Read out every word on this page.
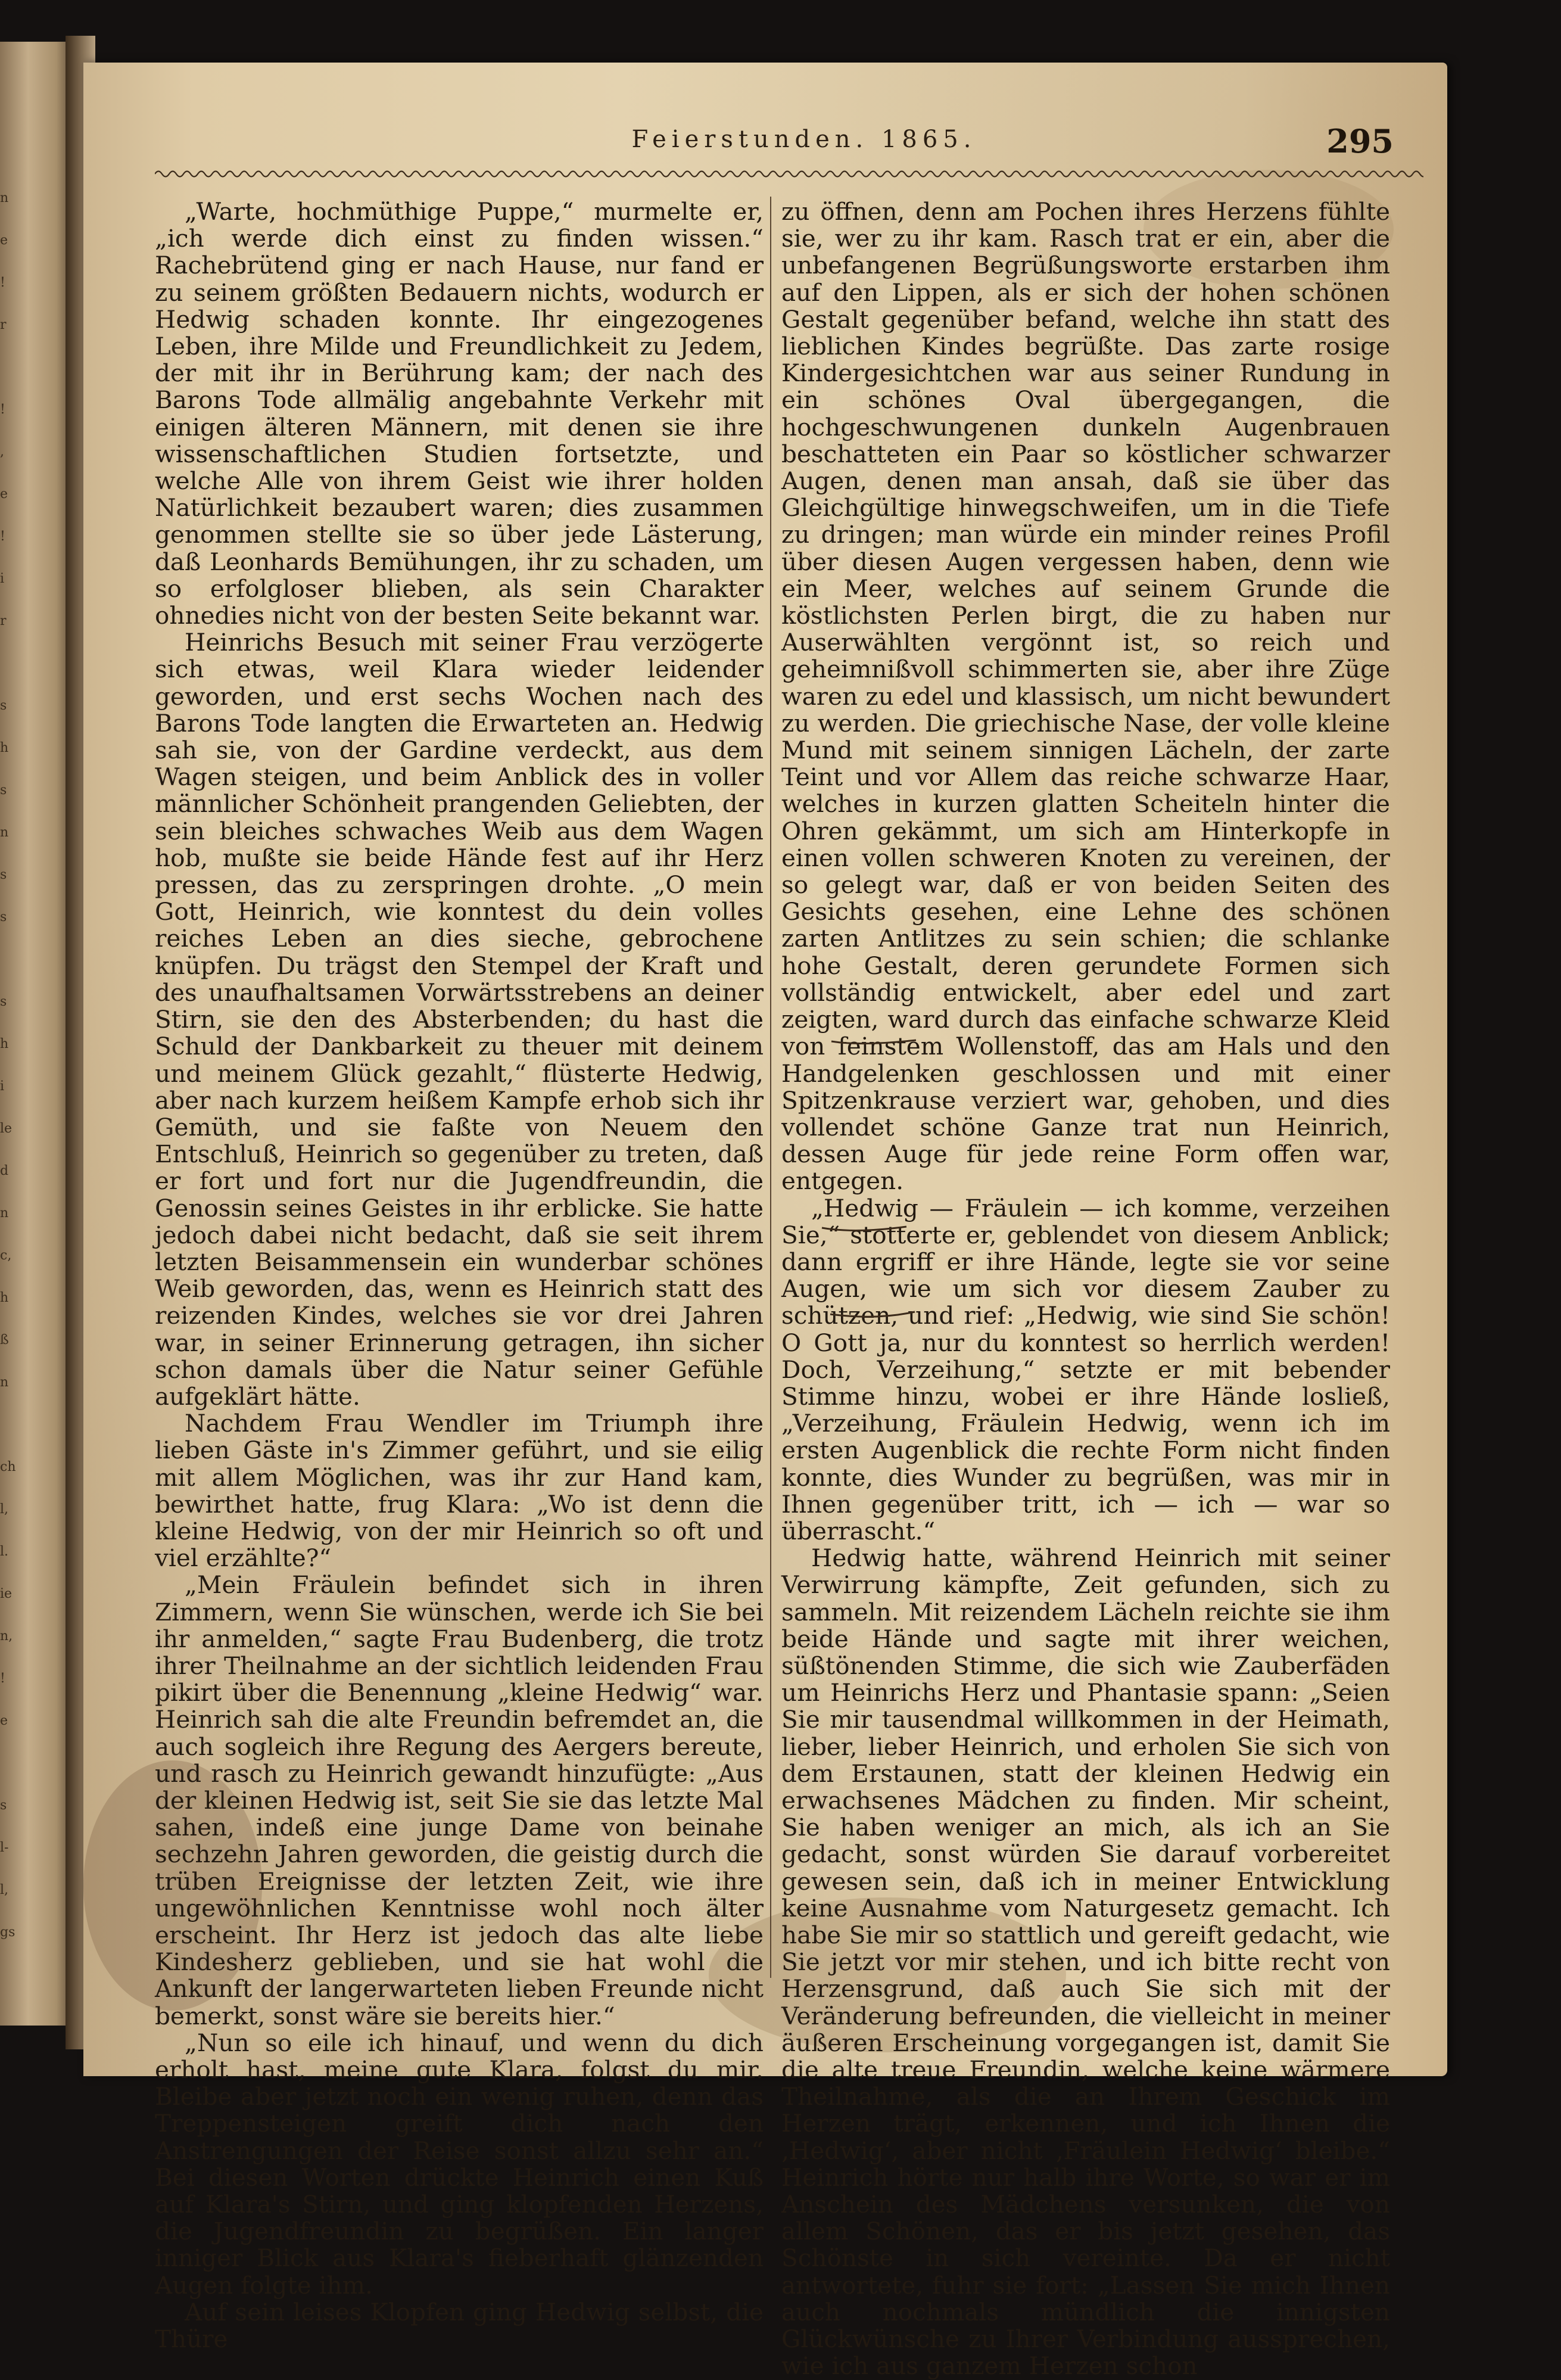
n
e
!
r
!
,
e
!
i
r
s
h
s
n
s
s
s
h
i
le
d
n
c,
h
ß
n
ch
l,
l.
ie
n,
!
e
s
l-
l,
gs
Feierstunden. 1865.	295

„Warte, hochmüthige Puppe,“ murmelte er, „ich werde dich einst zu finden wissen.“ Rachebrütend ging er nach Hause, nur fand er zu seinem größten Bedauern nichts, wodurch er Hedwig schaden konnte. Ihr eingezogenes Leben, ihre Milde und Freundlichkeit zu Jedem, der mit ihr in Berührung kam; der nach des Barons Tode allmälig angebahnte Verkehr mit einigen älteren Männern, mit denen sie ihre wissenschaftlichen Studien fortsetzte, und welche Alle von ihrem Geist wie ihrer holden Natürlichkeit bezaubert waren; dies zusammen genommen stellte sie so über jede Lästerung, daß Leonhards Bemühungen, ihr zu schaden, um so erfolgloser blieben, als sein Charakter ohnedies nicht von der besten Seite bekannt war.

Heinrichs Besuch mit seiner Frau verzögerte sich etwas, weil Klara wieder leidender geworden, und erst sechs Wochen nach des Barons Tode langten die Erwarteten an. Hedwig sah sie, von der Gardine verdeckt, aus dem Wagen steigen, und beim Anblick des in voller männlicher Schönheit prangenden Geliebten, der sein bleiches schwaches Weib aus dem Wagen hob, mußte sie beide Hände fest auf ihr Herz pressen, das zu zerspringen drohte. „O mein Gott, Heinrich, wie konntest du dein volles reiches Leben an dies sieche, gebrochene knüpfen. Du trägst den Stempel der Kraft und des unaufhaltsamen Vorwärtsstrebens an deiner Stirn, sie den des Absterbenden; du hast die Schuld der Dankbarkeit zu theuer mit deinem und meinem Glück gezahlt,“ flüsterte Hedwig, aber nach kurzem heißem Kampfe erhob sich ihr Gemüth, und sie faßte von Neuem den Entschluß, Heinrich so gegenüber zu treten, daß er fort und fort nur die Jugendfreundin, die Genossin seines Geistes in ihr erblicke. Sie hatte jedoch dabei nicht bedacht, daß sie seit ihrem letzten Beisammensein ein wunderbar schönes Weib geworden, das, wenn es Heinrich statt des reizenden Kindes, welches sie vor drei Jahren war, in seiner Erinnerung getragen, ihn sicher schon damals über die Natur seiner Gefühle aufgeklärt hätte.

Nachdem Frau Wendler im Triumph ihre lieben Gäste in's Zimmer geführt, und sie eilig mit allem Möglichen, was ihr zur Hand kam, bewirthet hatte, frug Klara: „Wo ist denn die kleine Hedwig, von der mir Heinrich so oft und viel erzählte?“

„Mein Fräulein befindet sich in ihren Zimmern, wenn Sie wünschen, werde ich Sie bei ihr anmelden,“ sagte Frau Budenberg, die trotz ihrer Theilnahme an der sichtlich leidenden Frau pikirt über die Benennung „kleine Hedwig“ war. Heinrich sah die alte Freundin befremdet an, die auch sogleich ihre Regung des Aergers bereute, und rasch zu Heinrich gewandt hinzufügte: „Aus der kleinen Hedwig ist, seit Sie sie das letzte Mal sahen, indeß eine junge Dame von beinahe sechzehn Jahren geworden, die geistig durch die trüben Ereignisse der letzten Zeit, wie ihre ungewöhnlichen Kenntnisse wohl noch älter erscheint. Ihr Herz ist jedoch das alte liebe Kindesherz geblieben, und sie hat wohl die Ankunft der langerwarteten lieben Freunde nicht bemerkt, sonst wäre sie bereits hier.“

„Nun so eile ich hinauf, und wenn du dich erholt hast, meine gute Klara, folgst du mir. Bleibe aber jetzt noch ein wenig ruhen, denn das Treppensteigen greift dich nach den Anstrengungen der Reise sonst allzu sehr an.“ Bei diesen Worten drückte Heinrich einen Kuß auf Klara's Stirn, und ging klopfenden Herzens, die Jugendfreundin zu begrüßen. Ein langer inniger Blick aus Klara's fieberhaft glänzenden Augen folgte ihm.

Auf sein leises Klopfen ging Hedwig selbst, die Thüre

zu öffnen, denn am Pochen ihres Herzens fühlte sie, wer zu ihr kam. Rasch trat er ein, aber die unbefangenen Begrüßungsworte erstarben ihm auf den Lippen, als er sich der hohen schönen Gestalt gegenüber befand, welche ihn statt des lieblichen Kindes begrüßte. Das zarte rosige Kindergesichtchen war aus seiner Rundung in ein schönes Oval übergegangen, die hochgeschwungenen dunkeln Augenbrauen beschatteten ein Paar so köstlicher schwarzer Augen, denen man ansah, daß sie über das Gleichgültige hinwegschweifen, um in die Tiefe zu dringen; man würde ein minder reines Profil über diesen Augen vergessen haben, denn wie ein Meer, welches auf seinem Grunde die köstlichsten Perlen birgt, die zu haben nur Auserwählten vergönnt ist, so reich und geheimnißvoll schimmerten sie, aber ihre Züge waren zu edel und klassisch, um nicht bewundert zu werden. Die griechische Nase, der volle kleine Mund mit seinem sinnigen Lächeln, der zarte Teint und vor Allem das reiche schwarze Haar, welches in kurzen glatten Scheiteln hinter die Ohren gekämmt, um sich am Hinterkopfe in einen vollen schweren Knoten zu vereinen, der so gelegt war, daß er von beiden Seiten des Gesichts gesehen, eine Lehne des schönen zarten Antlitzes zu sein schien; die schlanke hohe Gestalt, deren gerundete Formen sich vollständig entwickelt, aber edel und zart zeigten, ward durch das einfache schwarze Kleid von feinstem Wollenstoff, das am Hals und den Handgelenken geschlossen und mit einer Spitzenkrause verziert war, gehoben, und dies vollendet schöne Ganze trat nun Heinrich, dessen Auge für jede reine Form offen war, entgegen.

„Hedwig — Fräulein — ich komme, verzeihen Sie,“ stotterte er, geblendet von diesem Anblick; dann ergriff er ihre Hände, legte sie vor seine Augen, wie um sich vor diesem Zauber zu schützen, und rief: „Hedwig, wie sind Sie schön! O Gott ja, nur du konntest so herrlich werden! Doch, Verzeihung,“ setzte er mit bebender Stimme hinzu, wobei er ihre Hände losließ, „Verzeihung, Fräulein Hedwig, wenn ich im ersten Augenblick die rechte Form nicht finden konnte, dies Wunder zu begrüßen, was mir in Ihnen gegenüber tritt, ich — ich — war so überrascht.“

Hedwig hatte, während Heinrich mit seiner Verwirrung kämpfte, Zeit gefunden, sich zu sammeln. Mit reizendem Lächeln reichte sie ihm beide Hände und sagte mit ihrer weichen, süßtönenden Stimme, die sich wie Zauberfäden um Heinrichs Herz und Phantasie spann: „Seien Sie mir tausendmal willkommen in der Heimath, lieber, lieber Heinrich, und erholen Sie sich von dem Erstaunen, statt der kleinen Hedwig ein erwachsenes Mädchen zu finden. Mir scheint, Sie haben weniger an mich, als ich an Sie gedacht, sonst würden Sie darauf vorbereitet gewesen sein, daß ich in meiner Entwicklung keine Ausnahme vom Naturgesetz gemacht. Ich habe Sie mir so stattlich und gereift gedacht, wie Sie jetzt vor mir stehen, und ich bitte recht von Herzensgrund, daß auch Sie sich mit der Veränderung befreunden, die vielleicht in meiner äußeren Erscheinung vorgegangen ist, damit Sie die alte treue Freundin, welche keine wärmere Theilnahme, als die an Ihrem Geschick im Herzen trägt, erkennen, und ich Ihnen die ‚Hedwig‘, aber nicht ‚Fräulein Hedwig‘ bleibe.“ Heinrich hörte nur halb ihre Worte, so war er im Anschein des Mädchens versunken, die von allem Schönen, das er bis jetzt gesehen, das Schönste in sich vereinte. Da er nicht antwortete, fuhr sie fort: „Lassen Sie mich Ihnen auch nochmals mündlich die innigsten Glückwünsche zu Ihrer Verbindung aussprechen, wie ich aus ganzem Herzen schon
